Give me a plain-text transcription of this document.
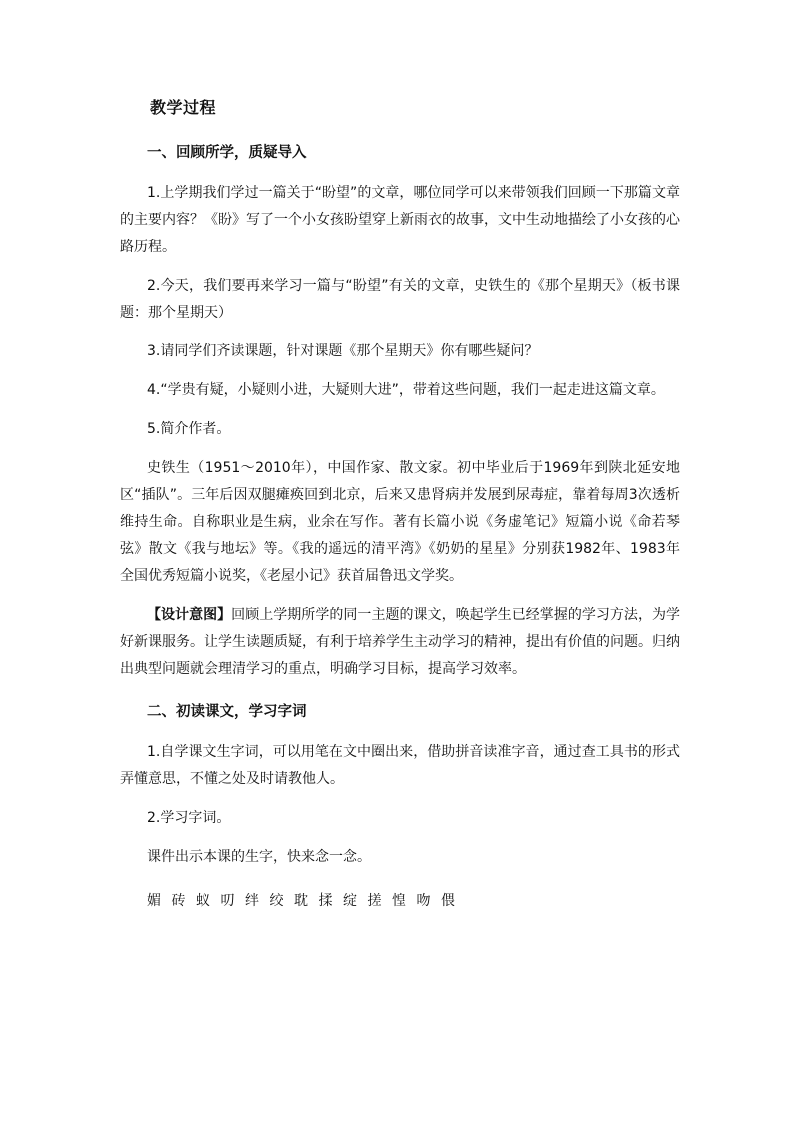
教学过程
一、回顾所学，质疑导入

1.上学期我们学过一篇关于“盼望”的文章，哪位同学可以来带领我们回顾一下那篇文章的主要内容？《盼》写了一个小女孩盼望穿上新雨衣的故事，文中生动地描绘了小女孩的心路历程。

2.今天，我们要再来学习一篇与“盼望”有关的文章，史铁生的《那个星期天》（板书课题：那个星期天）

3.请同学们齐读课题，针对课题《那个星期天》你有哪些疑问？

4.“学贵有疑，小疑则小进，大疑则大进”，带着这些问题，我们一起走进这篇文章。

5.简介作者。

史铁生（1951～2010年），中国作家、散文家。初中毕业后于1969年到陕北延安地区“插队”。三年后因双腿瘫痪回到北京，后来又患肾病并发展到尿毒症，靠着每周3次透析维持生命。自称职业是生病，业余在写作。著有长篇小说《务虚笔记》短篇小说《命若琴弦》散文《我与地坛》等。《我的遥远的清平湾》《奶奶的星星》分别获1982年、1983年全国优秀短篇小说奖，《老屋小记》获首届鲁迅文学奖。

【设计意图】回顾上学期所学的同一主题的课文，唤起学生已经掌握的学习方法，为学好新课服务。让学生读题质疑，有利于培养学生主动学习的精神，提出有价值的问题。归纳出典型问题就会理清学习的重点，明确学习目标，提高学习效率。

二、初读课文，学习字词

1.自学课文生字词，可以用笔在文中圈出来，借助拼音读准字音，通过查工具书的形式弄懂意思，不懂之处及时请教他人。

2.学习字词。

课件出示本课的生字，快来念一念。

媚 砖 蚁 叨 绊 绞 耽 揉 绽 搓 惶 吻 偎
